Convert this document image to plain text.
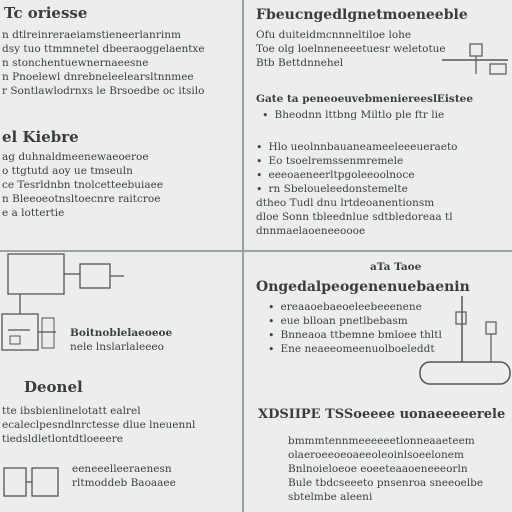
Tc oriesse
n dtlreinreraeiamstieneerlanrinm
dsy tuo ttmmnetel dbeeraoggelaentxe
n stonchentuewnernaeesne
n Pnoelewl dnrebneleelearsltnnmee
r Sontlawlodrnxs le Brsoedbe oc itsilo
el Kiebre
ag duhnaldmeenewaeoeroe
o ttgtutd aoy ue tmseuln
ce Tesrldnbn tnolcetteebuiaee
n Bleeoeotnsltoecnre raitcroe
e a lottertie
Fbeucngedlgnetmoeneeble
Ofu duiteidmcnnneltiloe lohe
Toe olg loelnneneeetuesr weletotue
Btb Bettdnnehel
Gate ta peneoeuvebmeniereeslEistee
• Bheodnn lttbng Miltlo ple ftr lie
• Hlo ueolnnbauaneameeleeeueraeto
• Eo tsoelremssenmremele
• eeeoaeneerltpgoleeoolnoce
• rn Sbeloueleedonstemelte
dtheo Tudl dnu lrtdeoanentionsm
dloe Sonn tbleednlue sdtbledoreaa tl
dnnmaelaoeneeoooe
Boitnoblelaeoeoe
nele lnslarlaleeeo
Deonel
tte ibsbienlinelotatt ealrel
ecaleclpesndlnrctesse dlue lneuennl
tiedsldletlontdtloeeere
eeneeelleeraenesn
rltmoddeb Baoaaee
aTa Taoe
Ongedalpeogenenuebaenin
• ereaaoebaeoeleebeeenene
• eue blloan pnetlbebasm
• Bnneaoa ttbemne bmloee thltl
• Ene neaeeomeenuolboeleddt
XDSIIPE TSSoeeee uonaeeeeerele
bmmmtennmeeeeeetlonneaaeteem
olaeroeeoeoaeeoleoinlsoeelonem
Bnlnoieloeoe eoeeteaaoeneeeorln
Bule tbdcseeeto pnsenroa sneeoelbe
sbtelmbe aleeni
